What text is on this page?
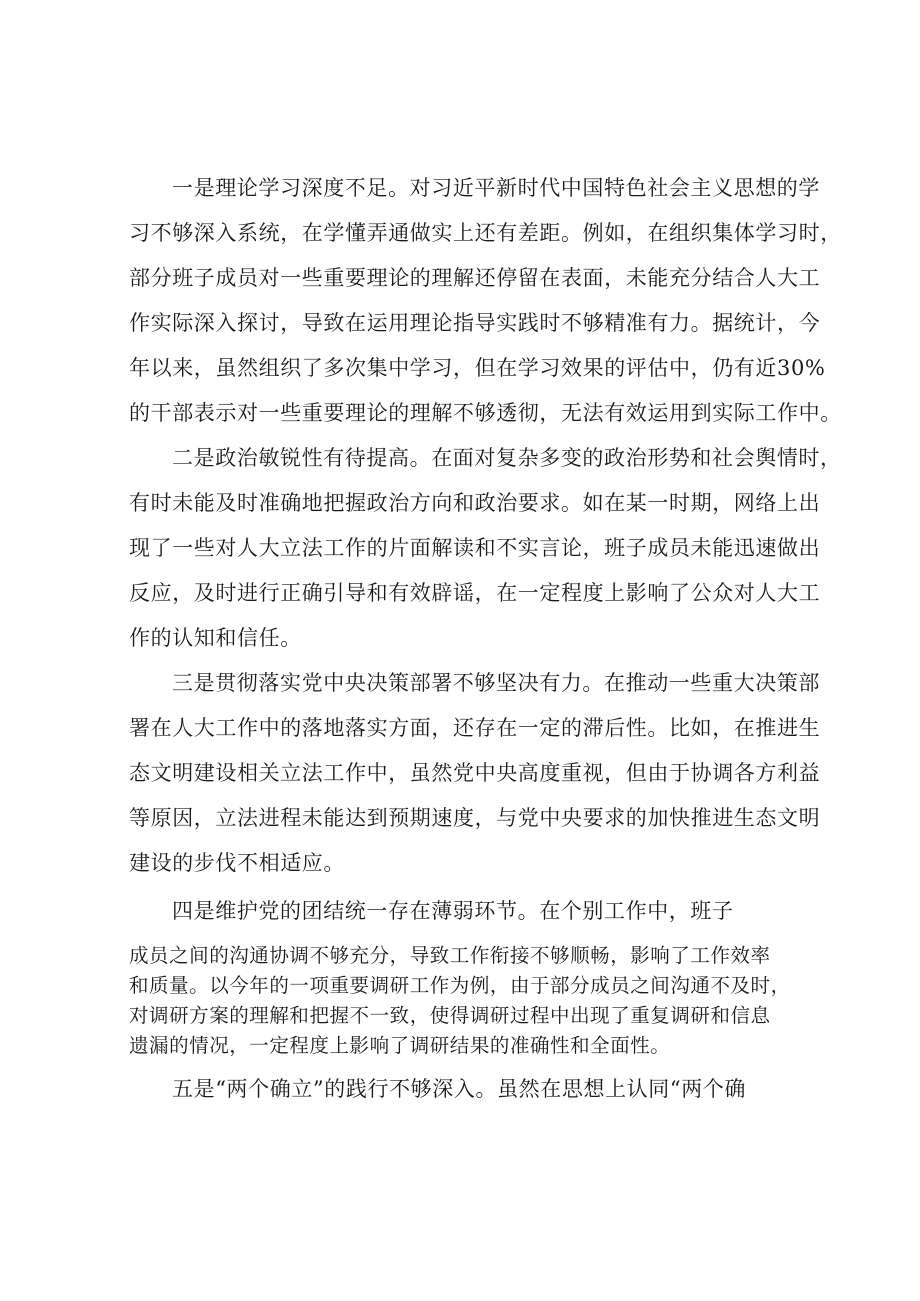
一是理论学习深度不足。对习近平新时代中国特色社会主义思想的学
习不够深入系统，在学懂弄通做实上还有差距。例如，在组织集体学习时，
部分班子成员对一些重要理论的理解还停留在表面，未能充分结合人大工
作实际深入探讨，导致在运用理论指导实践时不够精准有力。据统计，今
年以来，虽然组织了多次集中学习，但在学习效果的评估中，仍有近30%
的干部表示对一些重要理论的理解不够透彻，无法有效运用到实际工作中。
二是政治敏锐性有待提高。在面对复杂多变的政治形势和社会舆情时，
有时未能及时准确地把握政治方向和政治要求。如在某一时期，网络上出
现了一些对人大立法工作的片面解读和不实言论，班子成员未能迅速做出
反应，及时进行正确引导和有效辟谣，在一定程度上影响了公众对人大工
作的认知和信任。
三是贯彻落实党中央决策部署不够坚决有力。在推动一些重大决策部
署在人大工作中的落地落实方面，还存在一定的滞后性。比如，在推进生
态文明建设相关立法工作中，虽然党中央高度重视，但由于协调各方利益
等原因，立法进程未能达到预期速度，与党中央要求的加快推进生态文明
建设的步伐不相适应。
四是维护党的团结统一存在薄弱环节。在个别工作中，班子
成员之间的沟通协调不够充分，导致工作衔接不够顺畅，影响了工作效率
和质量。以今年的一项重要调研工作为例，由于部分成员之间沟通不及时，
对调研方案的理解和把握不一致，使得调研过程中出现了重复调研和信息
遗漏的情况，一定程度上影响了调研结果的准确性和全面性。
五是“两个确立”的践行不够深入。虽然在思想上认同“两个确
